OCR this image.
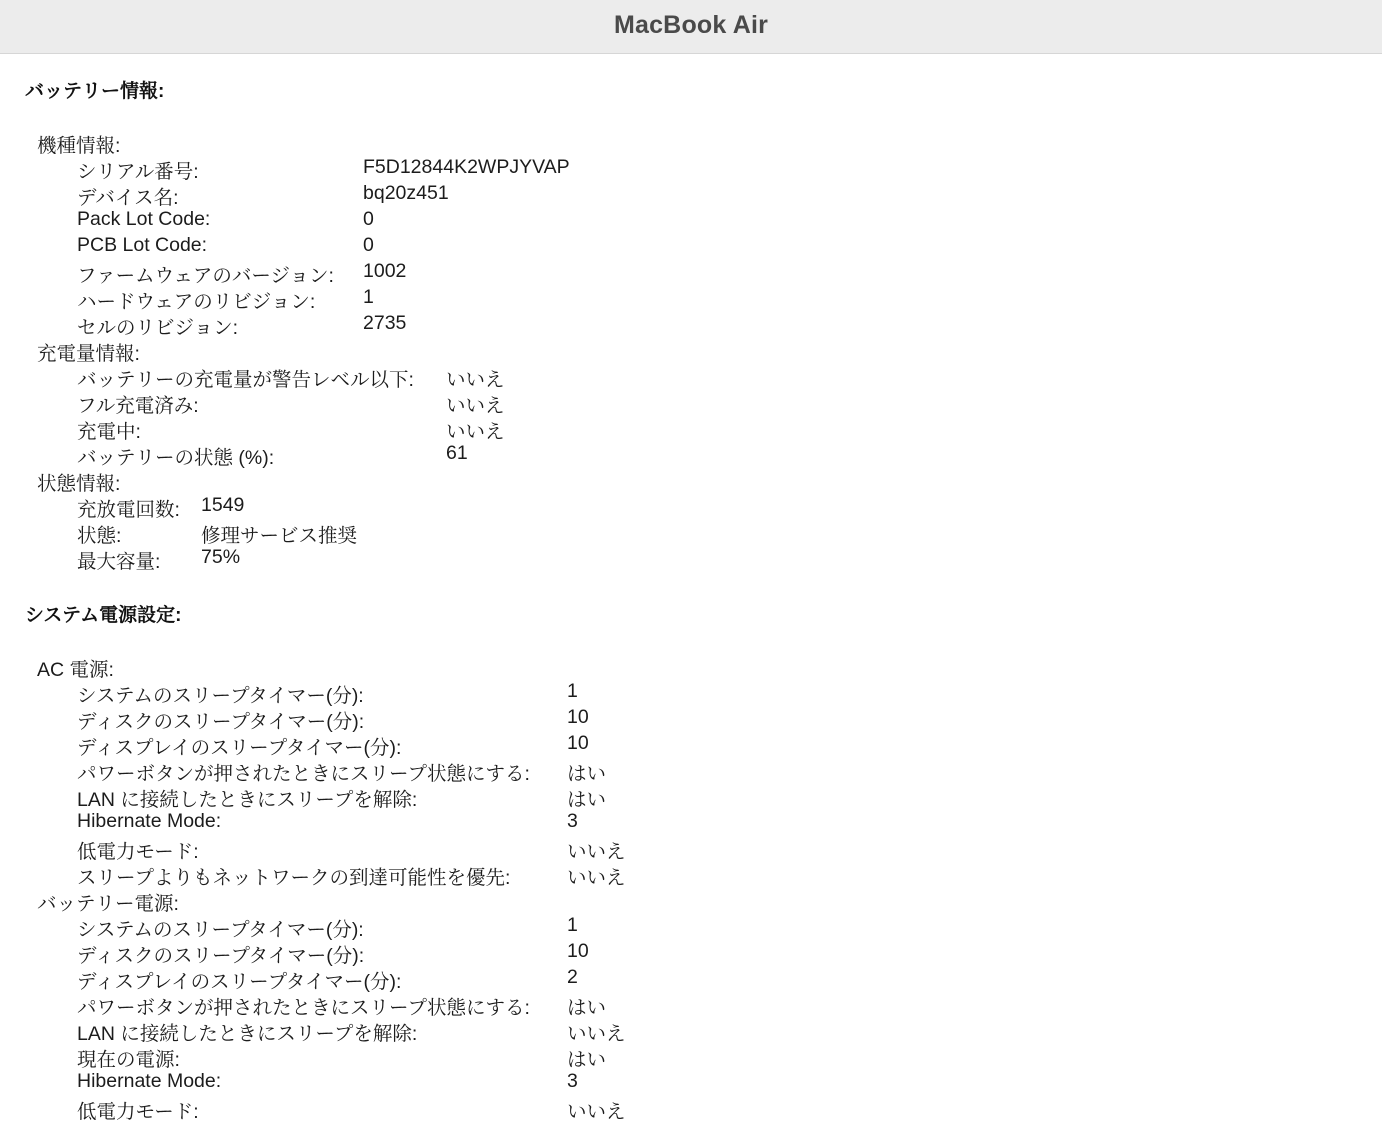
MacBook Air
バッテリー情報:
機種情報:
シリアル番号:	F5D12844K2WPJYVAP
デバイス名:	bq20z451
Pack Lot Code:	0
PCB Lot Code:	0
ファームウェアのバージョン: 1002
ハードウェアのリビジョン: 1
セルのリビジョン:	2735
充電量情報:
バッテリーの充電量が警告レベル以下: いいえ
フル充電済み:	いいえ
充電中:	いいえ
バッテリーの状態 (%):	61
状態情報:
充放電回数: 1549
状態:	修理サービス推奨
最大容量: 75%
システム電源設定:
AC 電源:
システムのスリープタイマー(分):	1
ディスクのスリープタイマー(分):	10
ディスプレイのスリープタイマー(分):	10
パワーボタンが押されたときにスリープ状態にする: はい
LAN に接続したときにスリープを解除:	はい
Hibernate Mode:	3
低電力モード:	いいえ
スリープよりもネットワークの到達可能性を優先:	いいえ
バッテリー電源:
システムのスリープタイマー(分):	1
ディスクのスリープタイマー(分):	10
ディスプレイのスリープタイマー(分):	2
パワーボタンが押されたときにスリープ状態にする: はい
LAN に接続したときにスリープを解除:	いいえ
現在の電源:	はい
Hibernate Mode:	3
低電力モード:	いいえ
